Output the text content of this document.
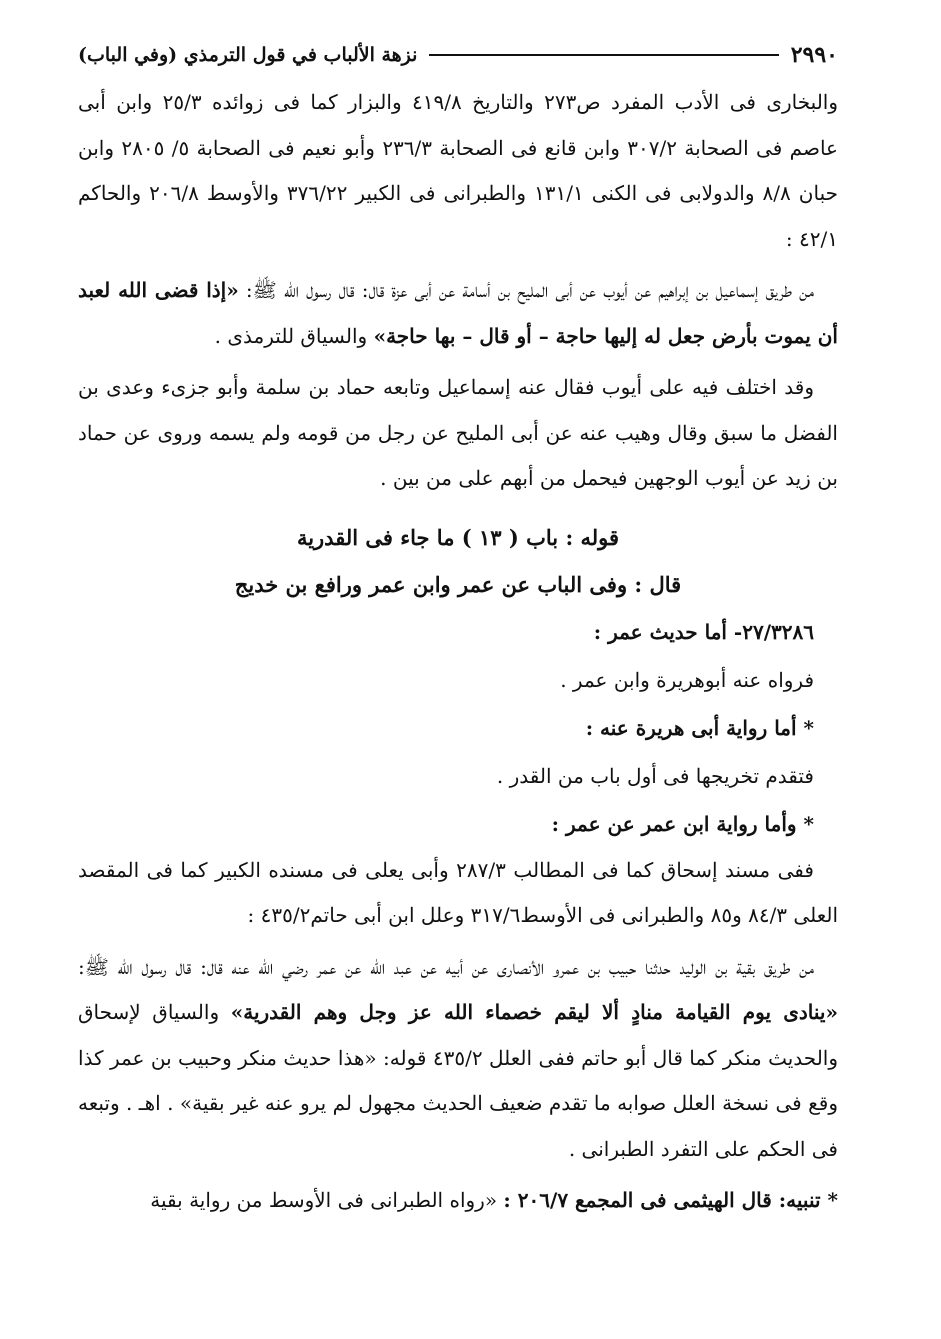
٢٩٩٠
نزهة الألباب في قول الترمذي (وفي الباب)

والبخارى فى الأدب المفرد ص٢٧٣ والتاريخ ٤١٩/٨ والبزار كما فى زوائده ٢٥/٣ وابن أبى عاصم فى الصحابة ٣٠٧/٢ وابن قانع فى الصحابة ٢٣٦/٣ وأبو نعيم فى الصحابة ٥/ ٢٨٠٥ وابن حبان ٨/٨ والدولابى فى الكنى ١٣١/١ والطبرانى فى الكبير ٣٧٦/٢٢ والأوسط ٢٠٦/٨ والحاكم ٤٢/١ :

من طريق إسماعيل بن إبراهيم عن أيوب عن أبى المليح بن أسامة عن أبى عزة قال: قال رسول الله ﷺ: «إذا قضى الله لعبد أن يموت بأرض جعل له إليها حاجة – أو قال – بها حاجة» والسياق للترمذى .

وقد اختلف فيه على أيوب فقال عنه إسماعيل وتابعه حماد بن سلمة وأبو جزىء وعدى بن الفضل ما سبق وقال وهيب عنه عن أبى المليح عن رجل من قومه ولم يسمه وروى عن حماد بن زيد عن أيوب الوجهين فيحمل من أبهم على من بين .

قوله : باب ( ١٣ ) ما جاء فى القدرية

قال : وفى الباب عن عمر وابن عمر ورافع بن خديج

٢٧/٣٢٨٦- أما حديث عمر :

فرواه عنه أبوهريرة وابن عمر .

* أما رواية أبى هريرة عنه :

فتقدم تخريجها فى أول باب من القدر .

* وأما رواية ابن عمر عن عمر :

ففى مسند إسحاق كما فى المطالب ٢٨٧/٣ وأبى يعلى فى مسنده الكبير كما فى المقصد العلى ٨٤/٣ و٨٥ والطبرانى فى الأوسط٣١٧/٦ وعلل ابن أبى حاتم٤٣٥/٢ :

من طريق بقية بن الوليد حدثنا حبيب بن عمرو الأنصارى عن أبيه عن عبد الله عن عمر رضي الله عنه قال: قال رسول الله ﷺ: «ينادى يوم القيامة منادٍ ألا ليقم خصماء الله عز وجل وهم القدرية» والسياق لإسحاق والحديث منكر كما قال أبو حاتم ففى العلل ٤٣٥/٢ قوله: «هذا حديث منكر وحبيب بن عمر كذا وقع فى نسخة العلل صوابه ما تقدم ضعيف الحديث مجهول لم يرو عنه غير بقية» . اهـ . وتبعه فى الحكم على التفرد الطبرانى .

* تنبيه: قال الهيثمى فى المجمع ٢٠٦/٧ : «رواه الطبرانى فى الأوسط من رواية بقية
